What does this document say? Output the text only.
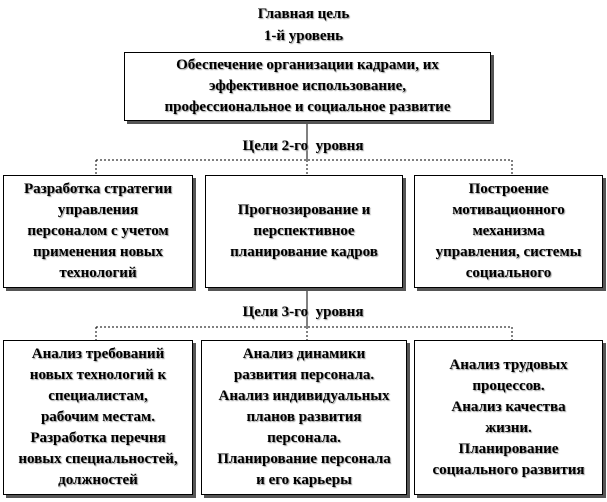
Главная цель
1-й уровень
Обеспечение организации кадрами, их
эффективное использование,
профессиональное и социальное развитие
Цели 2-го  уровня
Разработка стратегии
управления
персоналом с учетом
применения новых
технологий
Прогнозирование и
перспективное
планирование кадров
Построение
мотивационного
механизма
управления, системы
социального
Цели 3-го  уровня
Анализ требований
новых технологий к
специалистам,
рабочим местам.
Разработка перечня
новых специальностей,
должностей
Анализ динамики
развития персонала.
Анализ индивидуальных
планов развития
персонала.
Планирование персонала
и его карьеры
Анализ трудовых
процессов.
Анализ качества
жизни.
Планирование
социального развития
